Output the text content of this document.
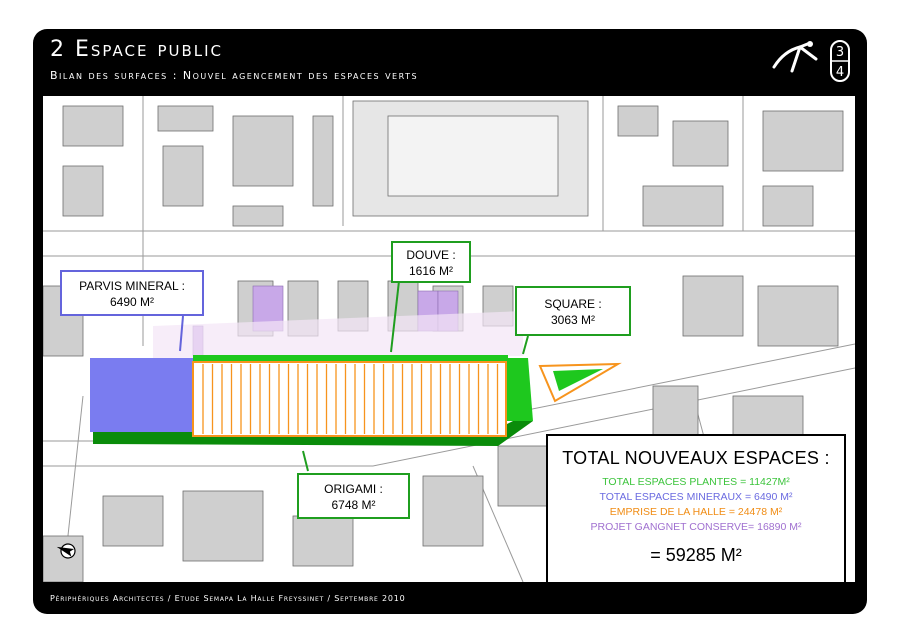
2 Espace public
Bilan des surfaces : Nouvel agencement des espaces verts
3
4
PARVIS MINERAL :
6490 M²
DOUVE :
1616 M²
SQUARE :
3063 M²
ORIGAMI :
6748 M²
TOTAL NOUVEAUX ESPACES :
TOTAL ESPACES PLANTES = 11427M²
TOTAL ESPACES MINERAUX = 6490 M²
EMPRISE DE LA HALLE = 24478 M²
PROJET GANGNET CONSERVE= 16890 M²
= 59285 M²
Périphériques Architectes / Etude Semapa La Halle Freyssinet / Septembre 2010
